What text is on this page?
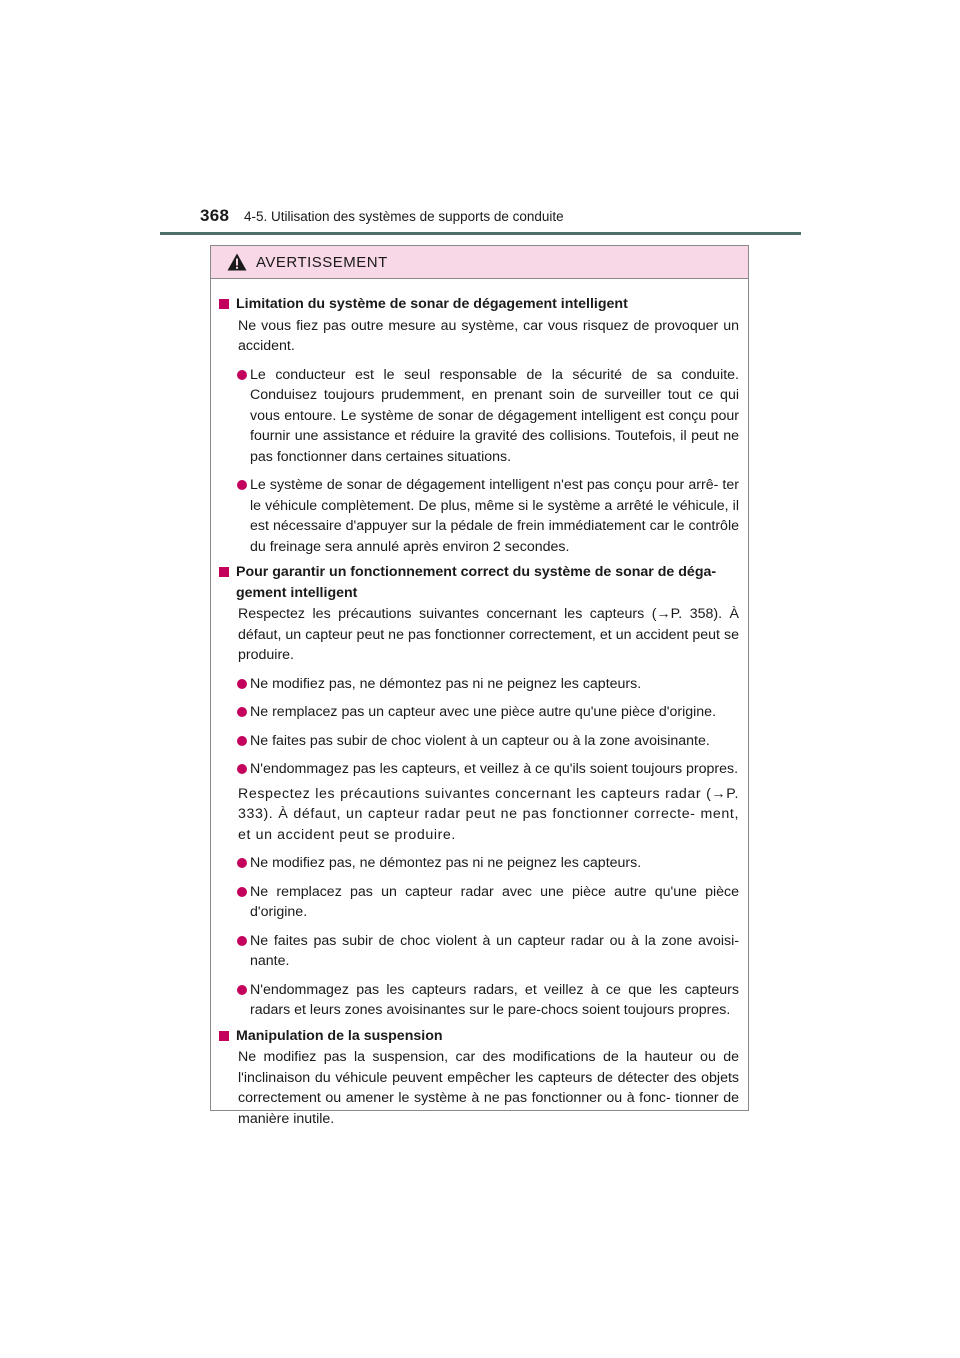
368 4-5. Utilisation des systèmes de supports de conduite
AVERTISSEMENT
Limitation du système de sonar de dégagement intelligent
Ne vous fiez pas outre mesure au système, car vous risquez de provoquer un accident.
Le conducteur est le seul responsable de la sécurité de sa conduite. Conduisez toujours prudemment, en prenant soin de surveiller tout ce qui vous entoure. Le système de sonar de dégagement intelligent est conçu pour fournir une assistance et réduire la gravité des collisions. Toutefois, il peut ne pas fonctionner dans certaines situations.
Le système de sonar de dégagement intelligent n'est pas conçu pour arrê- ter le véhicule complètement. De plus, même si le système a arrêté le véhicule, il est nécessaire d'appuyer sur la pédale de frein immédiatement car le contrôle du freinage sera annulé après environ 2 secondes.
Pour garantir un fonctionnement correct du système de sonar de déga- gement intelligent
Respectez les précautions suivantes concernant les capteurs (→P. 358). À défaut, un capteur peut ne pas fonctionner correctement, et un accident peut se produire.
Ne modifiez pas, ne démontez pas ni ne peignez les capteurs.
Ne remplacez pas un capteur avec une pièce autre qu'une pièce d'origine.
Ne faites pas subir de choc violent à un capteur ou à la zone avoisinante.
N'endommagez pas les capteurs, et veillez à ce qu'ils soient toujours propres.
Respectez les précautions suivantes concernant les capteurs radar (→P. 333). À défaut, un capteur radar peut ne pas fonctionner correcte- ment, et un accident peut se produire.
Ne modifiez pas, ne démontez pas ni ne peignez les capteurs.
Ne remplacez pas un capteur radar avec une pièce autre qu'une pièce d'origine.
Ne faites pas subir de choc violent à un capteur radar ou à la zone avoisi- nante.
N'endommagez pas les capteurs radars, et veillez à ce que les capteurs radars et leurs zones avoisinantes sur le pare-chocs soient toujours propres.
Manipulation de la suspension
Ne modifiez pas la suspension, car des modifications de la hauteur ou de l'inclinaison du véhicule peuvent empêcher les capteurs de détecter des objets correctement ou amener le système à ne pas fonctionner ou à fonc- tionner de manière inutile.
